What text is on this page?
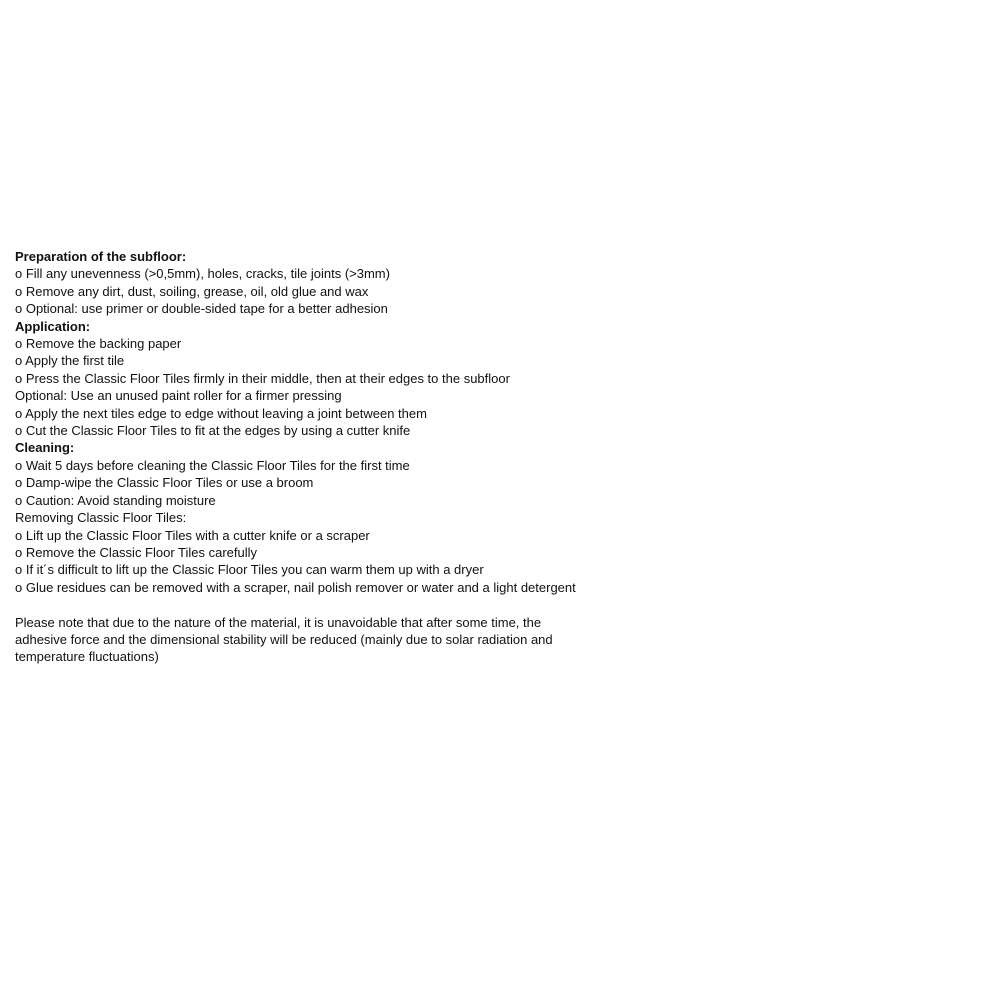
Preparation of the subfloor:
o Fill any unevenness (>0,5mm), holes, cracks, tile joints (>3mm)
o Remove any dirt, dust, soiling, grease, oil, old glue and wax
o Optional: use primer or double-sided tape for a better adhesion
Application:
o Remove the backing paper
o Apply the first tile
o Press the Classic Floor Tiles firmly in their middle, then at their edges to the subfloor
Optional: Use an unused paint roller for a firmer pressing
o Apply the next tiles edge to edge without leaving a joint between them
o Cut the Classic Floor Tiles to fit at the edges by using a cutter knife
Cleaning:
o Wait 5 days before cleaning the Classic Floor Tiles for the first time
o Damp-wipe the Classic Floor Tiles or use a broom
o Caution: Avoid standing moisture
Removing Classic Floor Tiles:
o Lift up the Classic Floor Tiles with a cutter knife or a scraper
o Remove the Classic Floor Tiles carefully
o If it´s difficult to lift up the Classic Floor Tiles you can warm them up with a dryer
o Glue residues can be removed with a scraper, nail polish remover or water and a light detergent
Please note that due to the nature of the material, it is unavoidable that after some time, the adhesive force and the dimensional stability will be reduced (mainly due to solar radiation and temperature fluctuations)
